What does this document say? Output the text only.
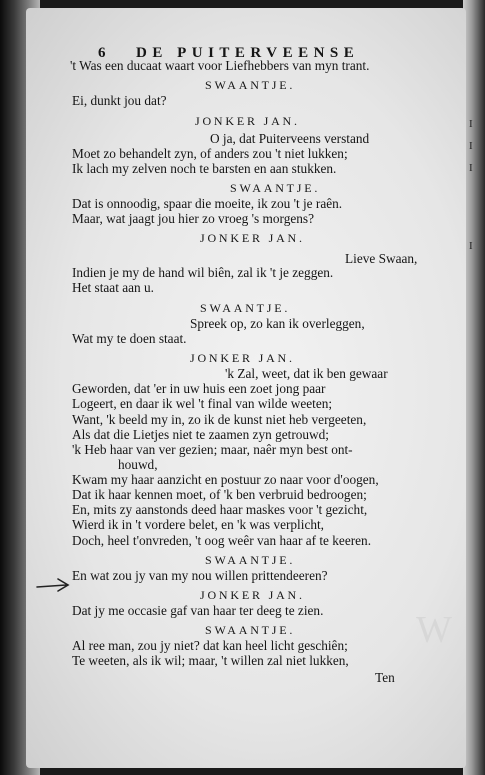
I
I
I
I
W
6 DE PUITERVEENSE
't Was een ducaat waart voor Liefhebbers van myn trant.
SWAANTJE.
Ei, dunkt jou dat?
JONKER JAN.
O ja, dat Puiterveens verstand
Moet zo behandelt zyn, of anders zou 't niet lukken;
Ik lach my zelven noch te barsten en aan stukken.
SWAANTJE.
Dat is onnoodig, spaar die moeite, ik zou 't je raên.
Maar, wat jaagt jou hier zo vroeg 's morgens?
JONKER JAN.
Lieve Swaan,
Indien je my de hand wil biên, zal ik 't je zeggen.
Het staat aan u.
SWAANTJE.
Spreek op, zo kan ik overleggen,
Wat my te doen staat.
JONKER JAN.
'k Zal, weet, dat ik ben gewaar
Geworden, dat 'er in uw huis een zoet jong paar
Logeert, en daar ik wel 't final van wilde weeten;
Want, 'k beeld my in, zo ik de kunst niet heb vergeeten,
Als dat die Lietjes niet te zaamen zyn getrouwd;
'k Heb haar van ver gezien; maar, naêr myn best ont-
houwd,
Kwam my haar aanzicht en postuur zo naar voor d'oogen,
Dat ik haar kennen moet, of 'k ben verbruid bedroogen;
En, mits zy aanstonds deed haar maskes voor 't gezicht,
Wierd ik in 't vordere belet, en 'k was verplicht,
Doch, heel t'onvreden, 't oog weêr van haar af te keeren.
SWAANTJE.
En wat zou jy van my nou willen prittendeeren?
JONKER JAN.
Dat jy me occasie gaf van haar ter deeg te zien.
SWAANTJE.
Al ree man, zou jy niet? dat kan heel licht geschiên;
Te weeten, als ik wil; maar, 't willen zal niet lukken,
Ten
